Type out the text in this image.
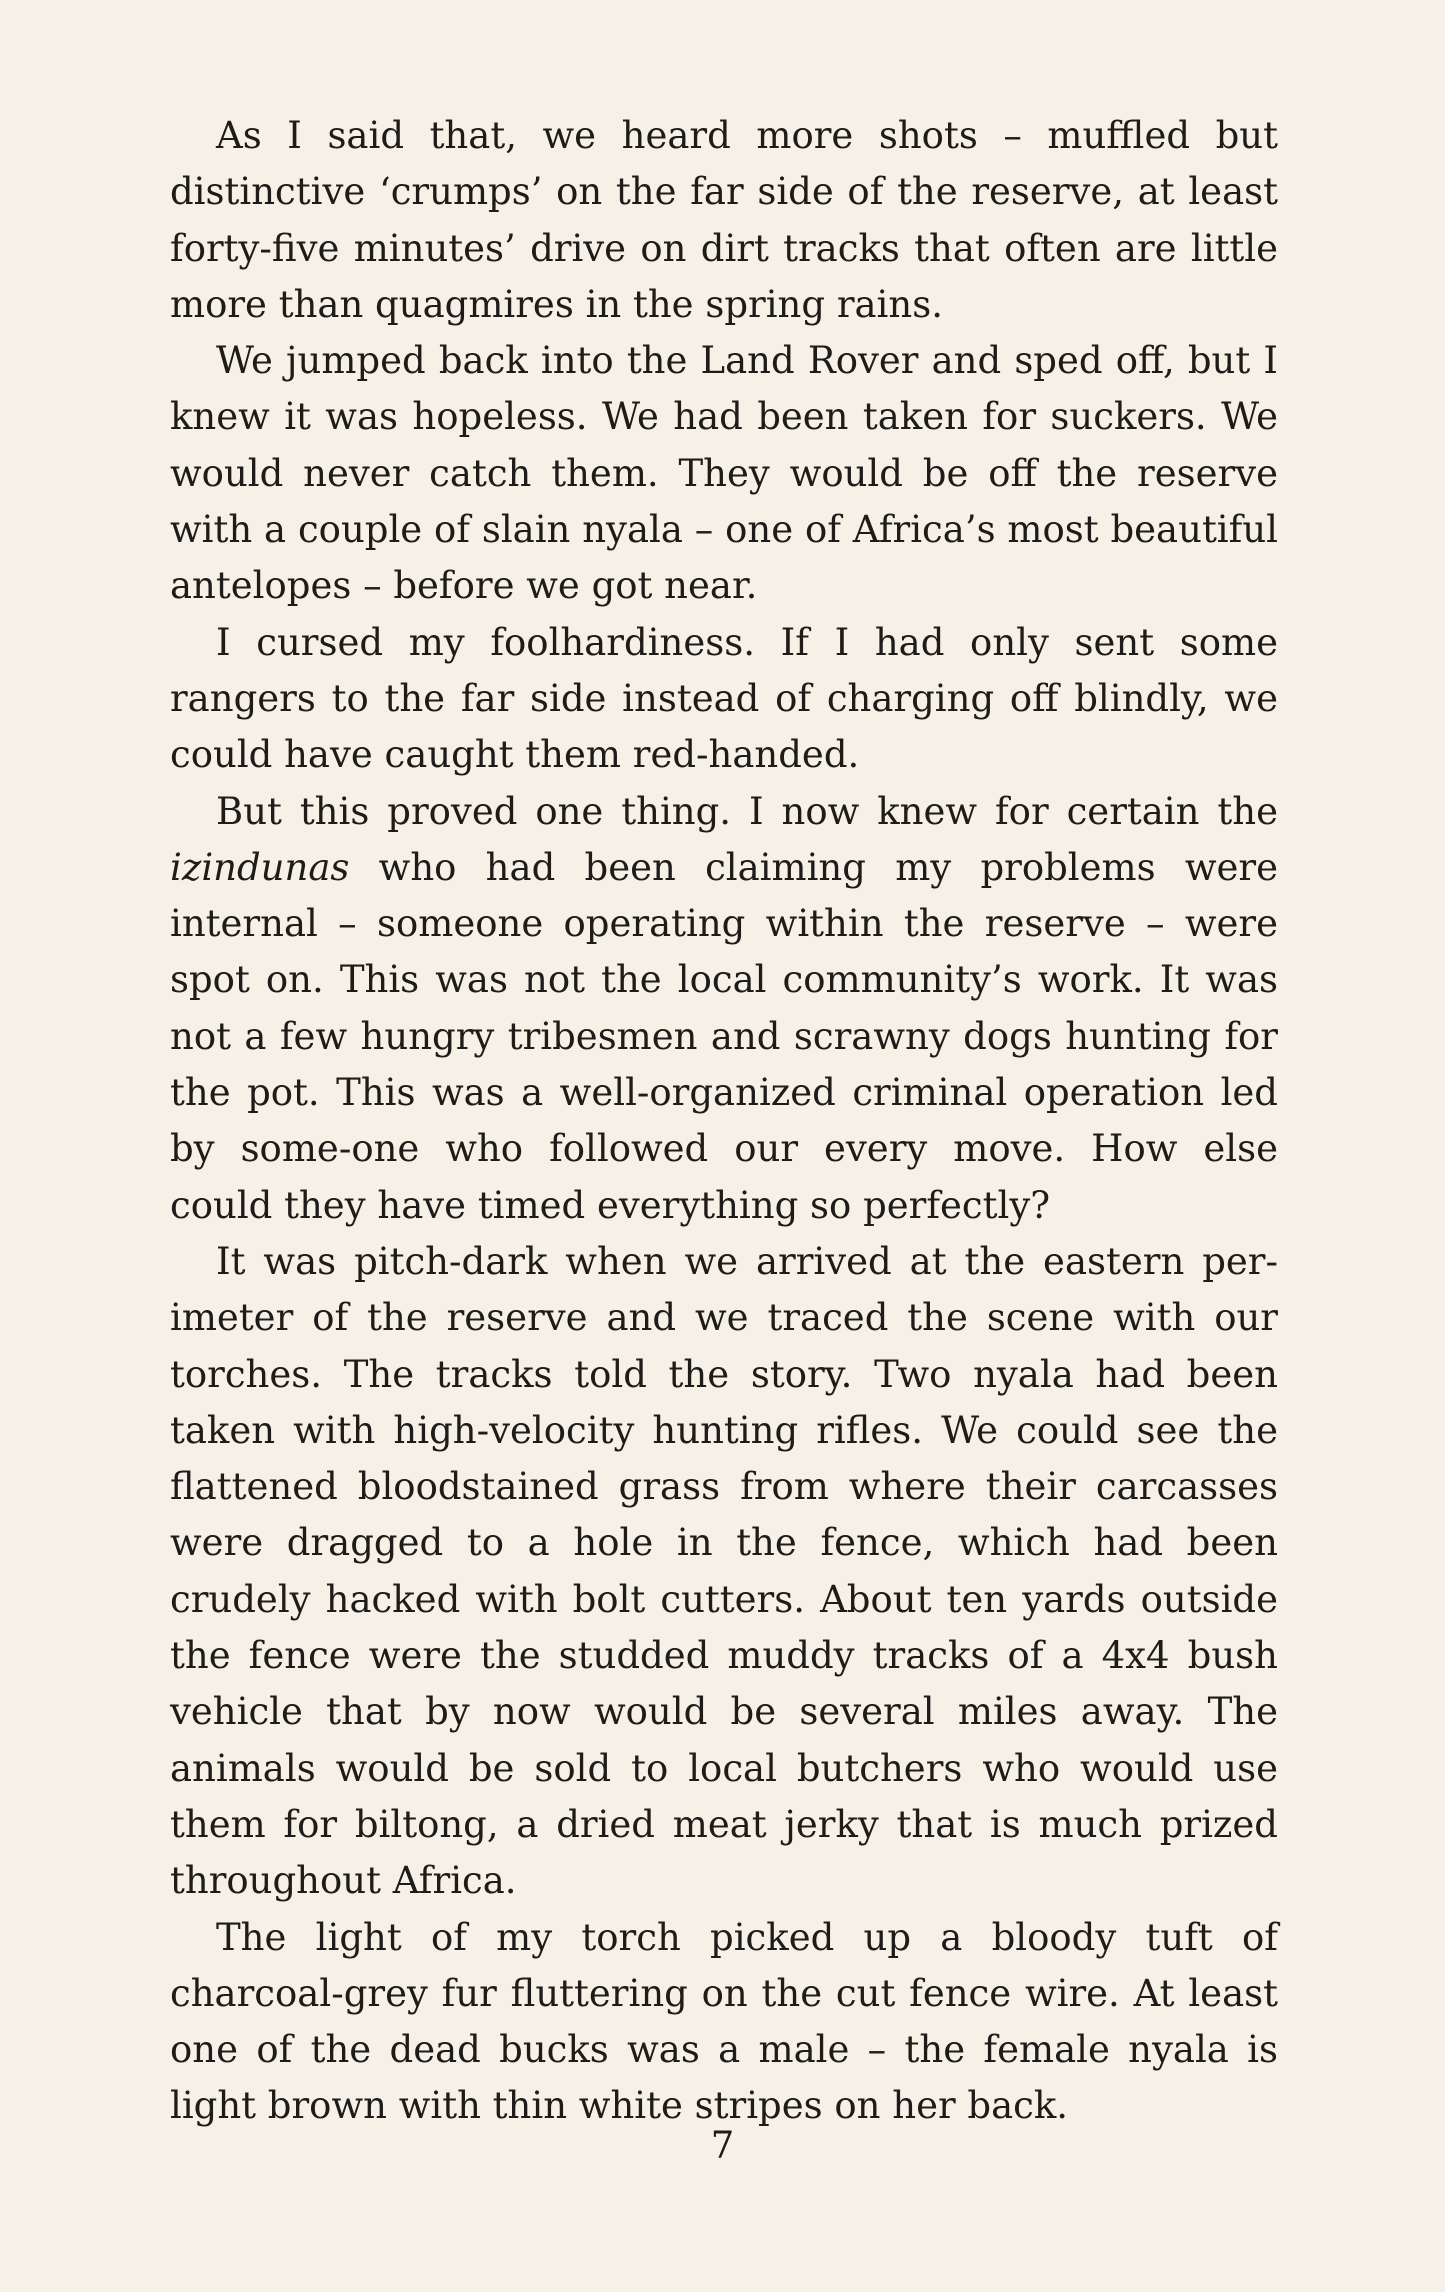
As I said that, we heard more shots – muffled but distinctive ‘crumps’ on the far side of the reserve, at least forty-five minutes’ drive on dirt tracks that often are little more than quagmires in the spring rains.

We jumped back into the Land Rover and sped off, but I knew it was hopeless. We had been taken for suckers. We would never catch them. They would be off the reserve with a couple of slain nyala – one of Africa’s most beautiful antelopes – before we got near.

I cursed my foolhardiness. If I had only sent some rangers to the far side instead of charging off blindly, we could have caught them red-handed.

But this proved one thing. I now knew for certain the izindunas who had been claiming my problems were internal – someone operating within the reserve – were spot on. This was not the local community’s work. It was not a few hungry tribesmen and scrawny dogs hunting for the pot. This was a well-organized criminal operation led by some-one who followed our every move. How else could they have timed everything so perfectly?

It was pitch-dark when we arrived at the eastern per-imeter of the reserve and we traced the scene with our torches. The tracks told the story. Two nyala had been taken with high-velocity hunting rifles. We could see the flattened bloodstained grass from where their carcasses were dragged to a hole in the fence, which had been crudely hacked with bolt cutters. About ten yards outside the fence were the studded muddy tracks of a 4x4 bush vehicle that by now would be several miles away. The animals would be sold to local butchers who would use them for biltong, a dried meat jerky that is much prized throughout Africa.

The light of my torch picked up a bloody tuft of charcoal-grey fur fluttering on the cut fence wire. At least one of the dead bucks was a male – the female nyala is light brown with thin white stripes on her back.

7
